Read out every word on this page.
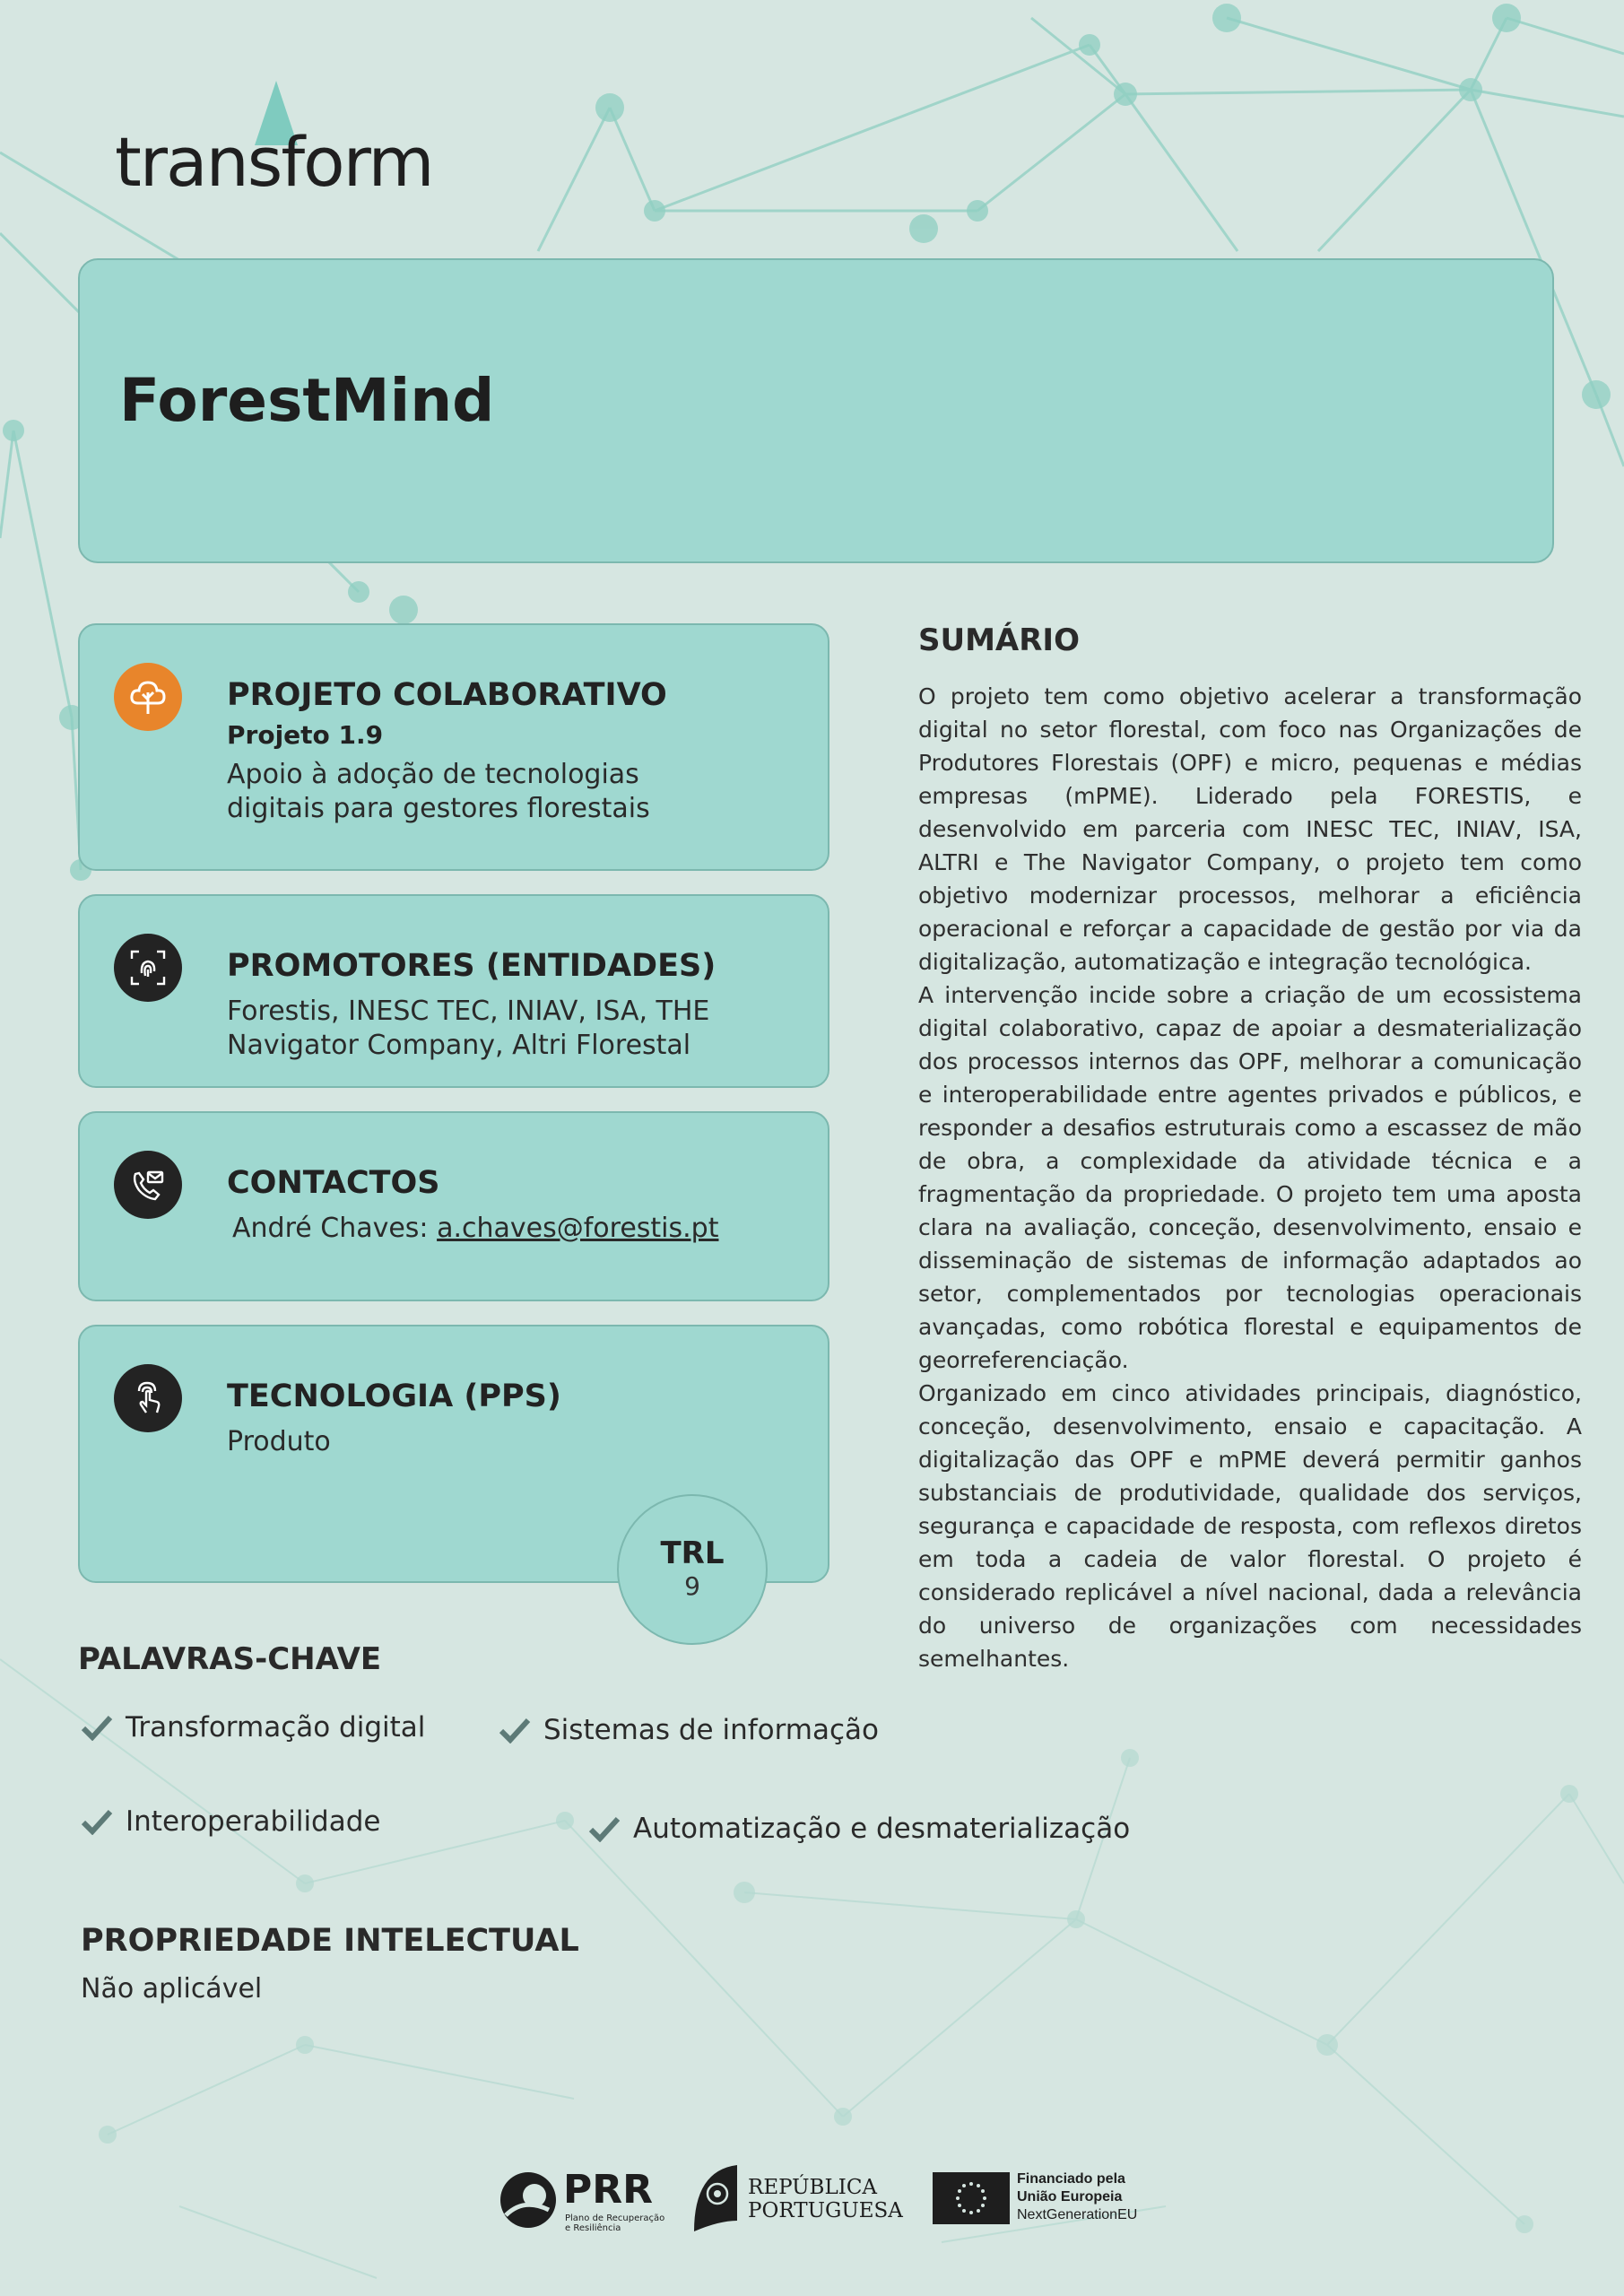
transform
ForestMind
PROJETO COLABORATIVO
Projeto 1.9
Apoio à adoção de tecnologias
digitais para gestores florestais
PROMOTORES (ENTIDADES)
Forestis, INESC TEC, INIAV, ISA, THE
Navigator Company, Altri Florestal
CONTACTOS
André Chaves: a.chaves@forestis.pt
TECNOLOGIA (PPS)
Produto
TRL
9
SUMÁRIO

O projeto tem como objetivo acelerar a transformação digital no setor florestal, com foco nas Organizações de Produtores Florestais (OPF) e micro, pequenas e médias empresas (mPME). Liderado pela FORESTIS, e desenvolvido em parceria com INESC TEC, INIAV, ISA, ALTRI e The Navigator Company, o projeto tem como objetivo modernizar processos, melhorar a eficiência operacional e reforçar a capacidade de gestão por via da digitalização, automatização e integração tecnológica.

A intervenção incide sobre a criação de um ecossistema digital colaborativo, capaz de apoiar a desmaterialização dos processos internos das OPF, melhorar a comunicação e interoperabilidade entre agentes privados e públicos, e responder a desafios estruturais como a escassez de mão de obra, a complexidade da atividade técnica e a fragmentação da propriedade. O projeto tem uma aposta clara na avaliação, conceção, desenvolvimento, ensaio e disseminação de sistemas de informação adaptados ao setor, complementados por tecnologias operacionais avançadas, como robótica florestal e equipamentos de georreferenciação.

Organizado em cinco atividades principais, diagnóstico, conceção, desenvolvimento, ensaio e capacitação. A digitalização das OPF e mPME deverá permitir ganhos substanciais de produtividade, qualidade dos serviços, segurança e capacidade de resposta, com reflexos diretos em toda a cadeia de valor florestal. O projeto é considerado replicável a nível nacional, dada a relevância do universo de organizações com necessidades semelhantes.

PALAVRAS-CHAVE
Transformação digital	Sistemas de informação
Interoperabilidade	Automatização e desmaterialização
PROPRIEDADE INTELECTUAL
Não aplicável
PRR
Plano de Recuperação
e Resiliência
REPÚBLICA
PORTUGUESA
Financiado pela
União Europeia
NextGenerationEU
